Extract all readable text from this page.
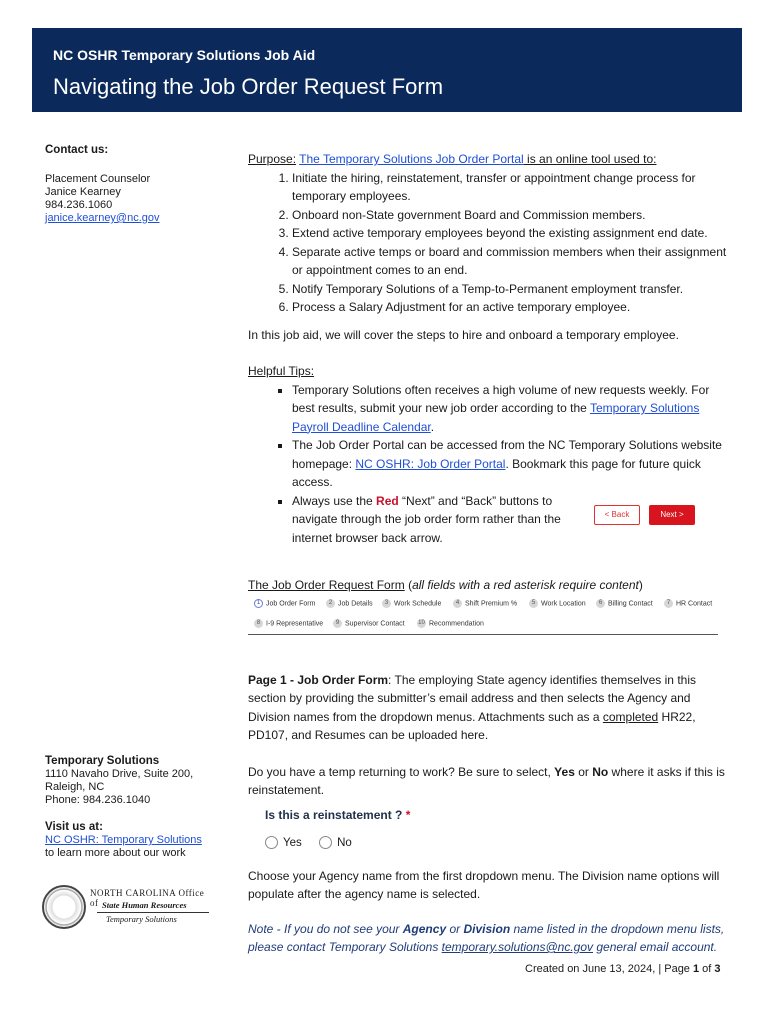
NC OSHR Temporary Solutions Job Aid
Navigating the Job Order Request Form
Contact us:
Placement Counselor
Janice Kearney
984.236.1060
janice.kearney@nc.gov
Temporary Solutions
1110 Navaho Drive, Suite 200,
Raleigh, NC
Phone: 984.236.1040
Visit us at:
NC OSHR: Temporary Solutions
to learn more about our work
NORTH CAROLINA Office of State Human Resources
Temporary Solutions

Purpose: The Temporary Solutions Job Order Portal is an online tool used to:

1. Initiate the hiring, reinstatement, transfer or appointment change process for temporary employees.
2. Onboard non-State government Board and Commission members.
3. Extend active temporary employees beyond the existing assignment end date.
4. Separate active temps or board and commission members when their assignment or appointment comes to an end.
5. Notify Temporary Solutions of a Temp-to-Permanent employment transfer.
6. Process a Salary Adjustment for an active temporary employee.

In this job aid, we will cover the steps to hire and onboard a temporary employee.

Helpful Tips:

▪ Temporary Solutions often receives a high volume of new requests weekly. For best results, submit your new job order according to the Temporary Solutions Payroll Deadline Calendar.
▪ The Job Order Portal can be accessed from the NC Temporary Solutions website homepage: NC OSHR: Job Order Portal. Bookmark this page for future quick access.
▪ Always use the Red “Next” and “Back” buttons to navigate through the job order form rather than the internet browser back arrow.

The Job Order Request Form (all fields with a red asterisk require content)

Page 1 - Job Order Form: The employing State agency identifies themselves in this section by providing the submitter’s email address and then selects the Agency and Division names from the dropdown menus. Attachments such as a completed HR22, PD107, and Resumes can be uploaded here.

Do you have a temp returning to work? Be sure to select, Yes or No where it asks if this is reinstatement.

Is this a reinstatement ? *
Yes	No

Choose your Agency name from the first dropdown menu. The Division name options will populate after the agency name is selected.

Note - If you do not see your Agency or Division name listed in the dropdown menu lists, please contact Temporary Solutions temporary.solutions@nc.gov general email account.

< Back	Next >
1 Job Order Form	2 Job Details	3 Work Schedule	4 Shift Premium %	5 Work Location	6 Billing Contact	7 HR Contact
8 I-9 Representative	9 Supervisor Contact 10 Recommendation
Created on June 13, 2024, | Page 1 of 3
